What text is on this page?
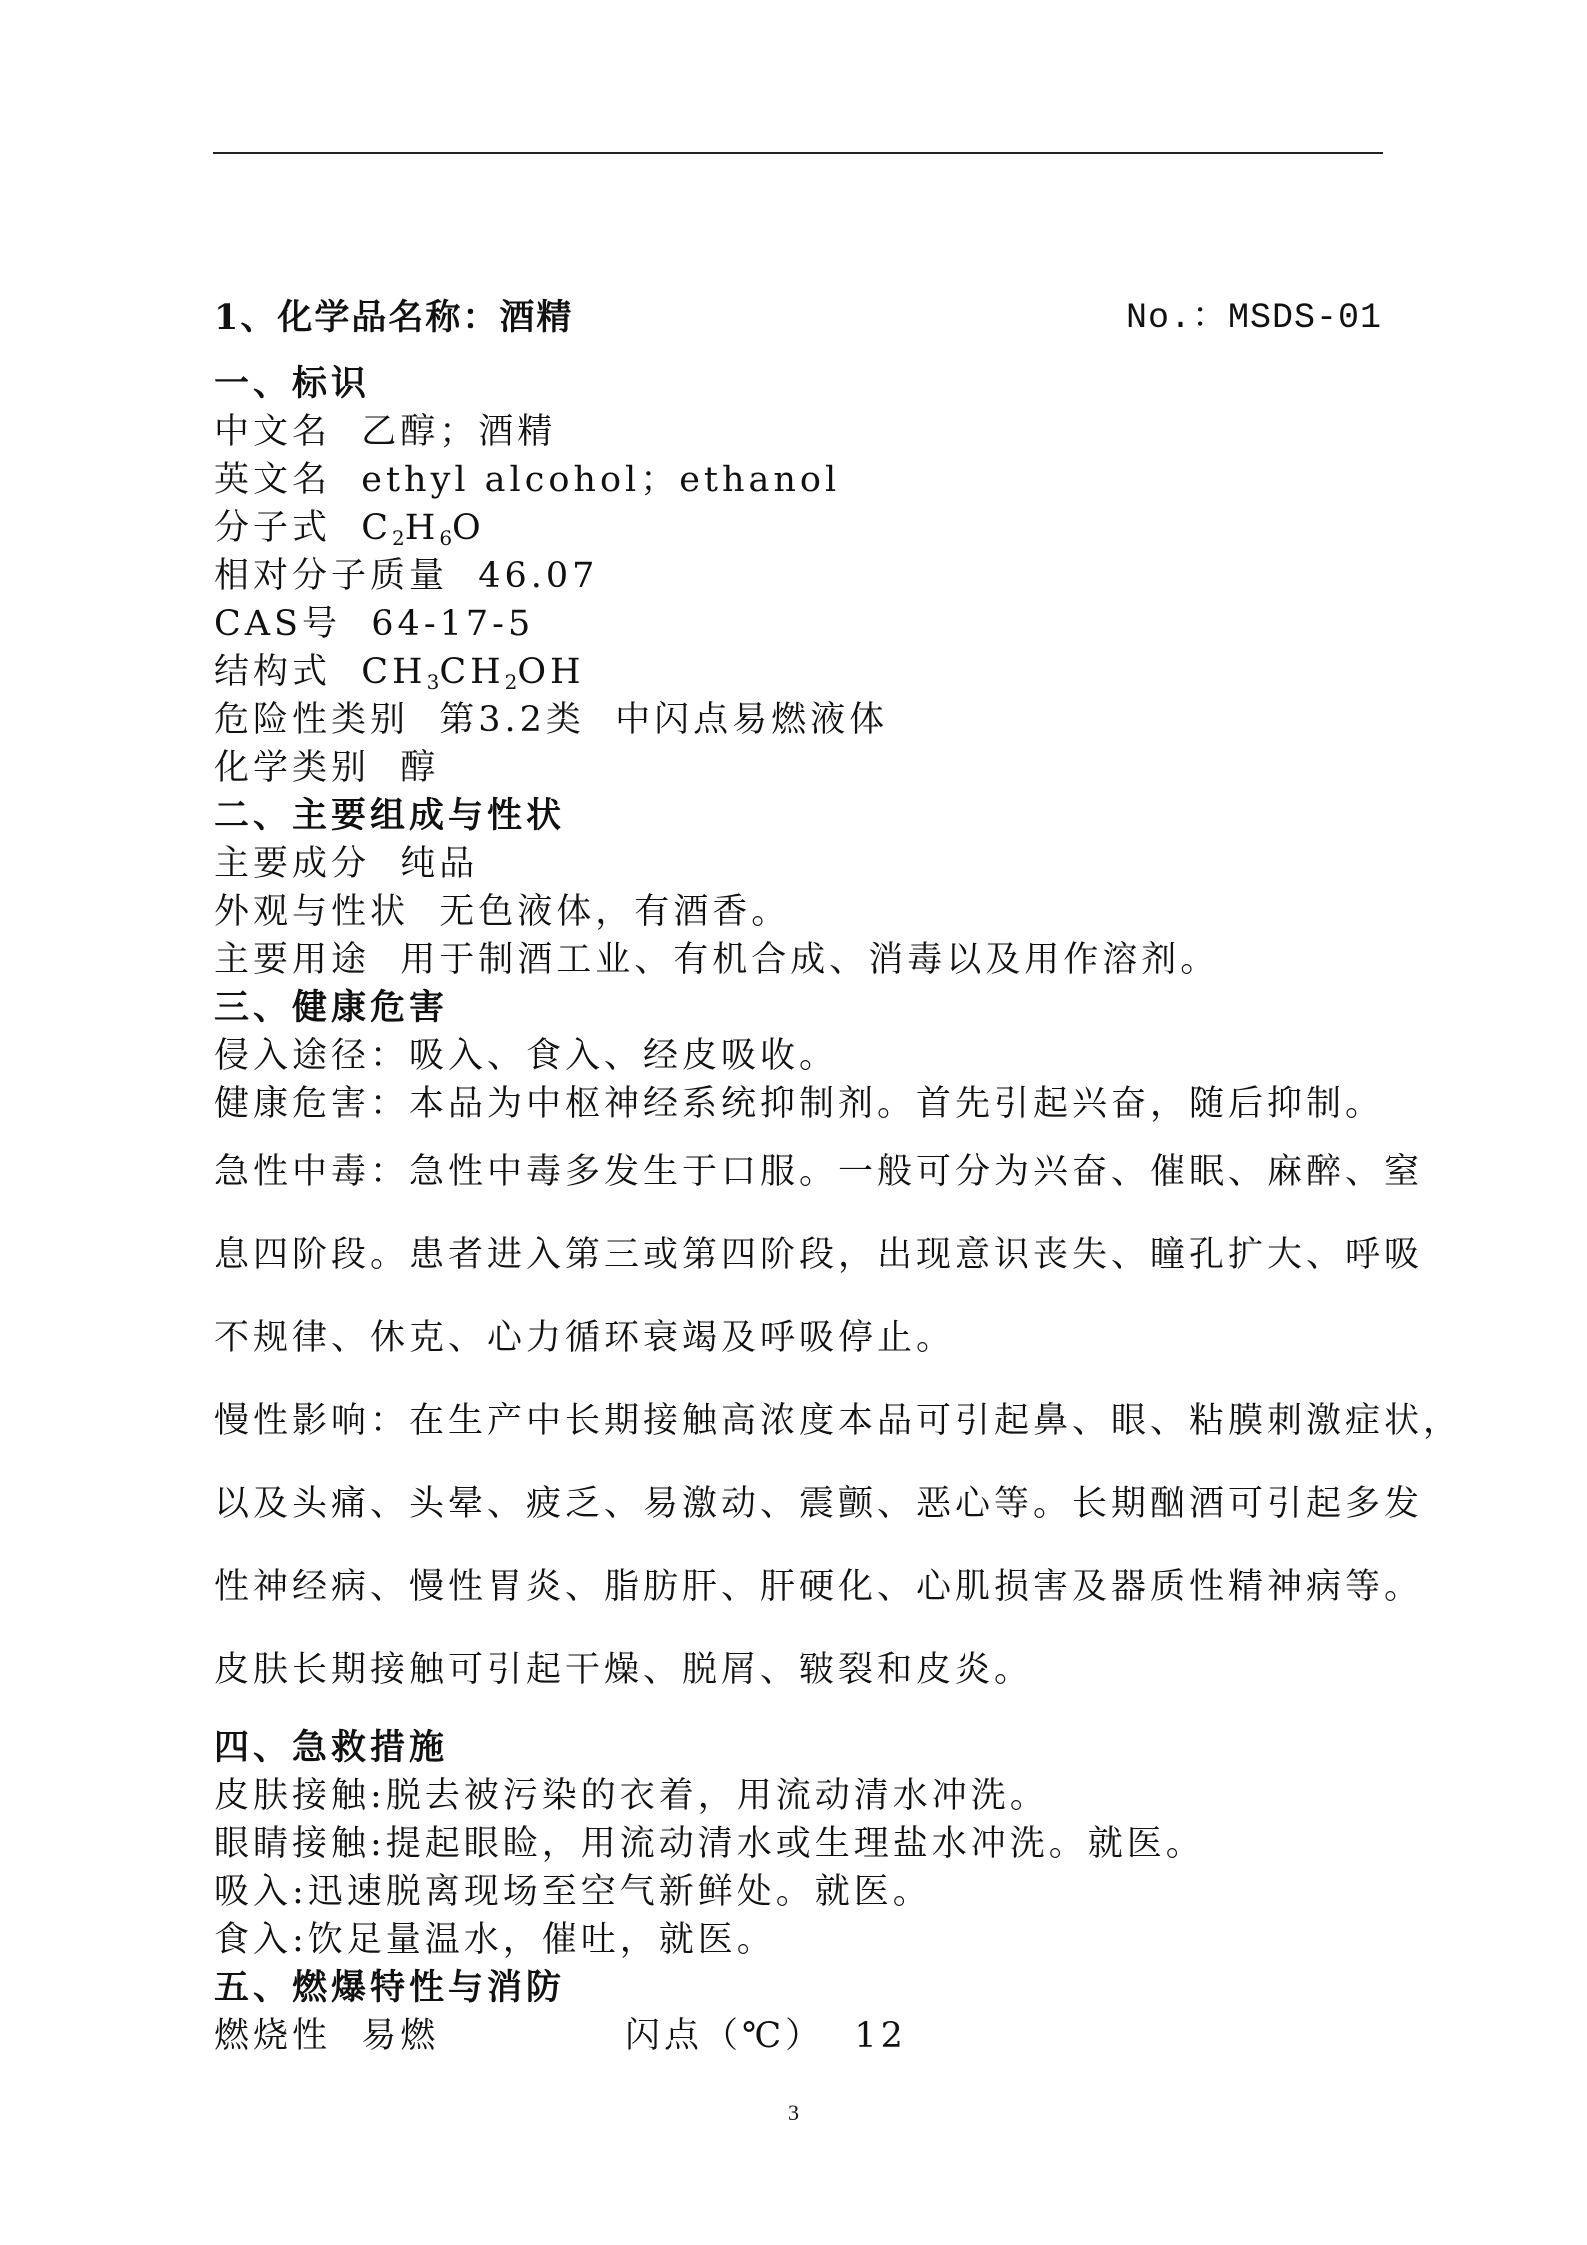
1、化学品名称：酒精	No.：MSDS-01
一、标识
中文名  乙醇；酒精
英文名  ethyl alcohol；ethanol
分子式  $C_2H_6O$
相对分子质量  46.07
CAS号  64-17-5
结构式  $CH_3CH_2OH$
危险性类别  第3.2类  中闪点易燃液体
化学类别  醇
二、主要组成与性状
主要成分  纯品
外观与性状  无色液体，有酒香。
主要用途  用于制酒工业、有机合成、消毒以及用作溶剂。
三、健康危害
侵入途径：吸入、食入、经皮吸收。
健康危害：本品为中枢神经系统抑制剂。首先引起兴奋，随后抑制。
急性中毒：急性中毒多发生于口服。一般可分为兴奋、催眠、麻醉、窒
息四阶段。患者进入第三或第四阶段，出现意识丧失、瞳孔扩大、呼吸
不规律、休克、心力循环衰竭及呼吸停止。
慢性影响：在生产中长期接触高浓度本品可引起鼻、眼、粘膜刺激症状，
以及头痛、头晕、疲乏、易激动、震颤、恶心等。长期酗酒可引起多发
性神经病、慢性胃炎、脂肪肝、肝硬化、心肌损害及器质性精神病等。
皮肤长期接触可引起干燥、脱屑、皲裂和皮炎。
四、急救措施
皮肤接触:脱去被污染的衣着，用流动清水冲洗。
眼睛接触:提起眼睑，用流动清水或生理盐水冲洗。就医。
吸入:迅速脱离现场至空气新鲜处。就医。
食入:饮足量温水，催吐，就医。
五、燃爆特性与消防
燃烧性  易燃	闪点（℃）  12
3
